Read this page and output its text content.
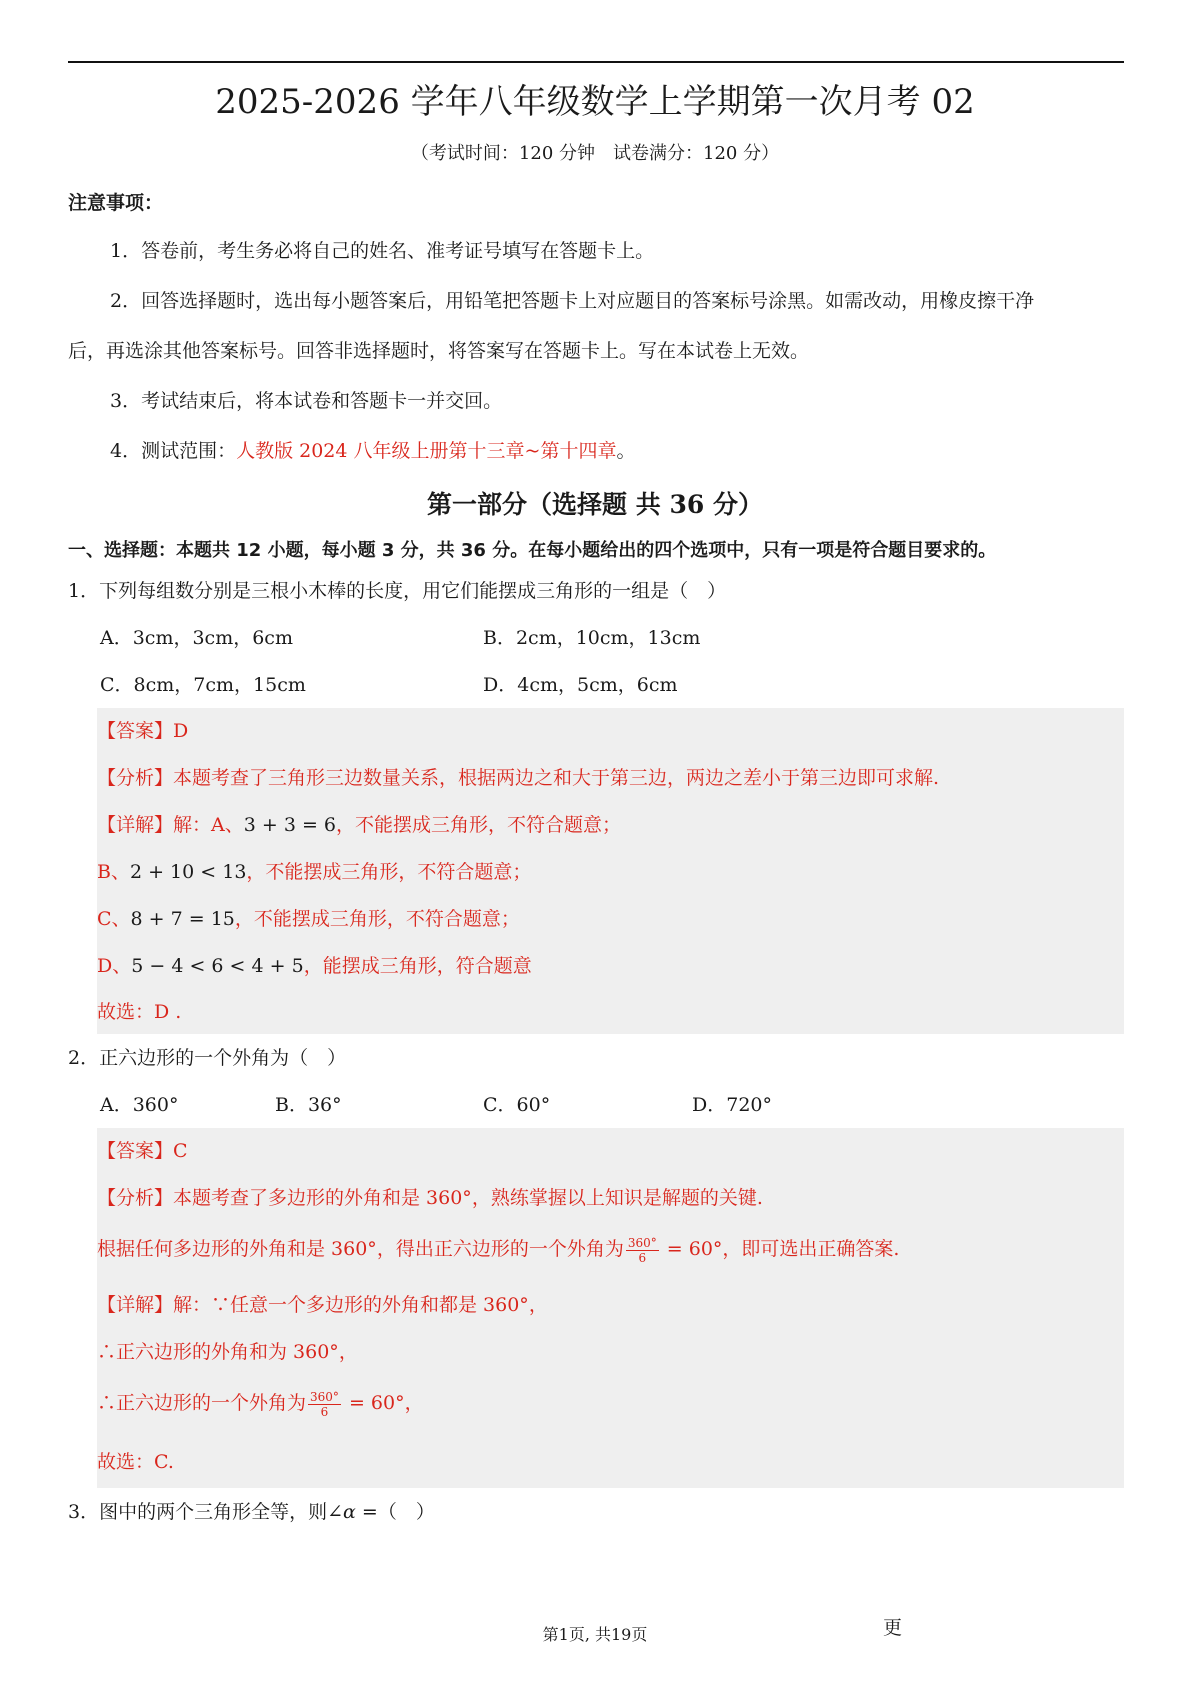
2025-2026 学年八年级数学上学期第一次月考 02
（考试时间：120 分钟　试卷满分：120 分）
注意事项：
1．答卷前，考生务必将自己的姓名、准考证号填写在答题卡上。
2．回答选择题时，选出每小题答案后，用铅笔把答题卡上对应题目的答案标号涂黑。如需改动，用橡皮擦干净
后，再选涂其他答案标号。回答非选择题时，将答案写在答题卡上。写在本试卷上无效。
3．考试结束后，将本试卷和答题卡一并交回。
4．测试范围：人教版 2024 八年级上册第十三章~第十四章。
第一部分（选择题 共 36 分）
一、选择题：本题共 12 小题，每小题 3 分，共 36 分。在每小题给出的四个选项中，只有一项是符合题目要求的。
1．下列每组数分别是三根小木棒的长度，用它们能摆成三角形的一组是（　）
A．3cm，3cm，6cm	B．2cm，10cm，13cm
C．8cm，7cm，15cm	D．4cm，5cm，6cm
【答案】D
【分析】本题考查了三角形三边数量关系，根据两边之和大于第三边，两边之差小于第三边即可求解.
【详解】解：A、3 + 3 = 6，不能摆成三角形，不符合题意；
B、2 + 10 < 13，不能摆成三角形，不符合题意；
C、8 + 7 = 15，不能摆成三角形，不符合题意；
D、5 − 4 < 6 < 4 + 5，能摆成三角形，符合题意
故选：D .
2．正六边形的一个外角为（　）
A．360°	B．36°	C．60°	D．720°
【答案】C
【分析】本题考查了多边形的外角和是 360°，熟练掌握以上知识是解题的关键.
根据任何多边形的外角和是 360°，得出正六边形的一个外角为 $\frac{360^\circ}{6} = 60^\circ$，即可选出正确答案.
【详解】解：∵任意一个多边形的外角和都是 360°，
∴正六边形的外角和为 360°，
∴正六边形的一个外角为 $\frac{360^\circ}{6} = 60^\circ$，
故选：C.
3．图中的两个三角形全等，则∠α =（　）
第1页, 共19页	更
